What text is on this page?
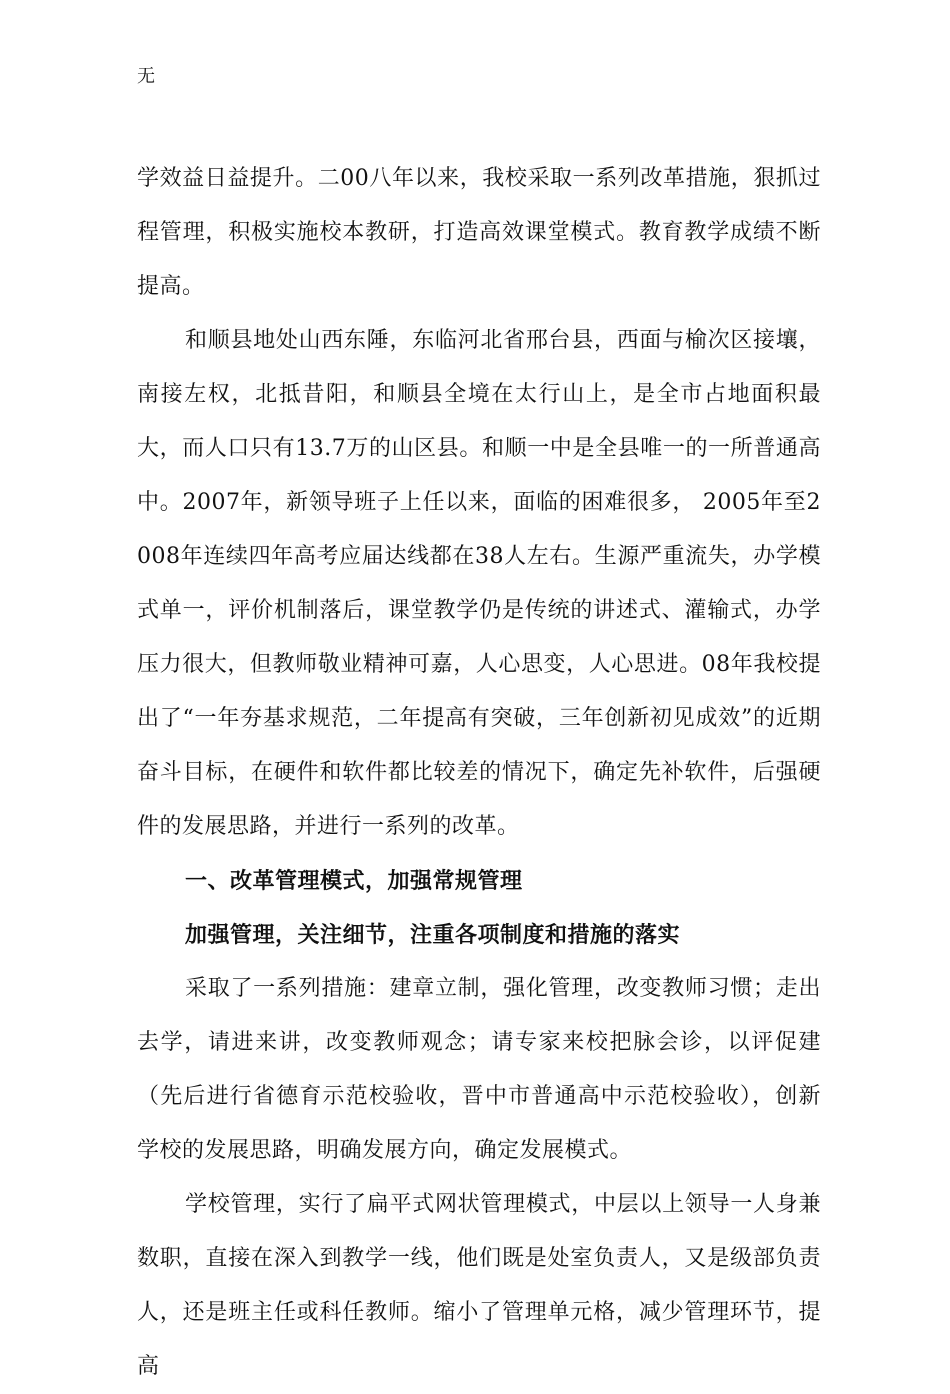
无

学效益日益提升。二00八年以来，我校采取一系列改革措施，狠抓过程管理，积极实施校本教研，打造高效课堂模式。教育教学成绩不断提高。

和顺县地处山西东陲，东临河北省邢台县，西面与榆次区接壤，南接左权，北抵昔阳，和顺县全境在太行山上，是全市占地面积最大，而人口只有13.7万的山区县。和顺一中是全县唯一的一所普通高中。2007年，新领导班子上任以来，面临的困难很多， 2005年至2008年连续四年高考应届达线都在38人左右。生源严重流失，办学模式单一，评价机制落后，课堂教学仍是传统的讲述式、灌输式，办学压力很大，但教师敬业精神可嘉，人心思变，人心思进。08年我校提出了“一年夯基求规范，二年提高有突破，三年创新初见成效”的近期奋斗目标，在硬件和软件都比较差的情况下，确定先补软件，后强硬件的发展思路，并进行一系列的改革。

一、改革管理模式，加强常规管理

加强管理，关注细节，注重各项制度和措施的落实

采取了一系列措施：建章立制，强化管理，改变教师习惯；走出去学，请进来讲，改变教师观念；请专家来校把脉会诊，以评促建（先后进行省德育示范校验收，晋中市普通高中示范校验收），创新学校的发展思路，明确发展方向，确定发展模式。

学校管理，实行了扁平式网状管理模式，中层以上领导一人身兼数职，直接在深入到教学一线，他们既是处室负责人，又是级部负责人，还是班主任或科任教师。缩小了管理单元格，减少管理环节，提高
